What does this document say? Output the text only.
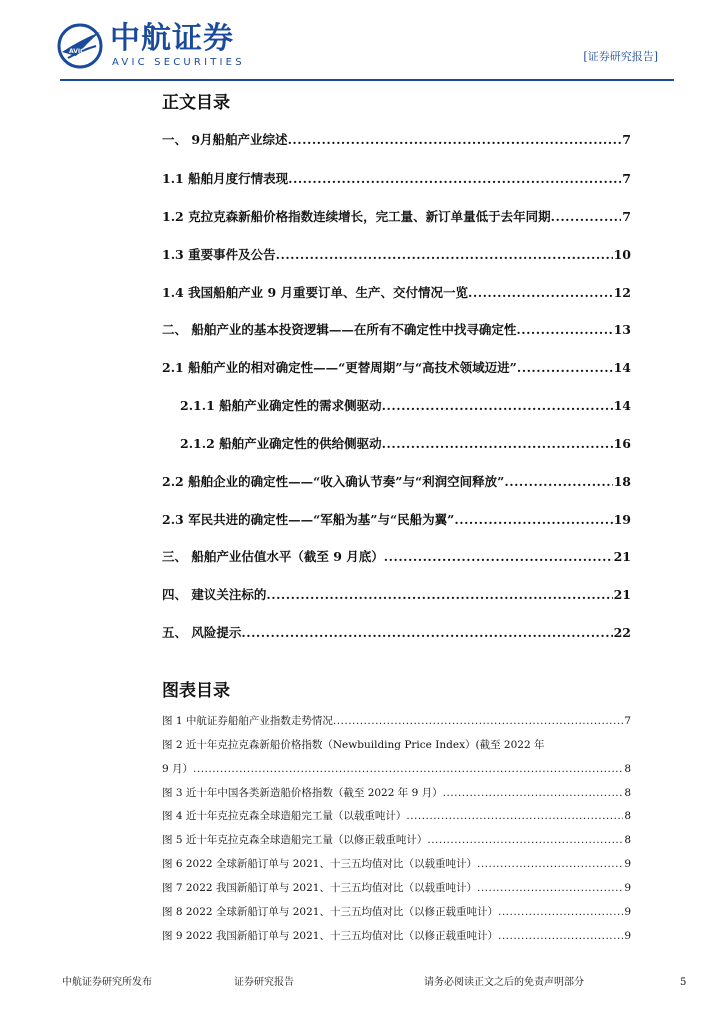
AVIC 中航证券
AVIC SECURITIES	[证券研究报告]
正文目录
一、 9月船舶产业综述 .....	7
1.1 船舶月度行情表现 .....	7
1.2 克拉克森新船价格指数连续增长，完工量、新订单量低于去年同期 .....	7
1.3 重要事件及公告 .....	10
1.4 我国船舶产业 9 月重要订单、生产、交付情况一览 .....	12
二、 船舶产业的基本投资逻辑——在所有不确定性中找寻确定性 .....	13
2.1 船舶产业的相对确定性——“更替周期”与“高技术领域迈进” .....	14
2.1.1 船舶产业确定性的需求侧驱动 .....	14
2.1.2 船舶产业确定性的供给侧驱动 .....	16
2.2 船舶企业的确定性——“收入确认节奏”与“利润空间释放” .....	18
2.3 军民共进的确定性——“军船为基”与“民船为翼” .....	19
三、 船舶产业估值水平（截至 9 月底） .....	21
四、 建议关注标的 .....	21
五、 风险提示 .....	22
图表目录
图 1 中航证券船舶产业指数走势情况 .....	7
图 2 近十年克拉克森新船价格指数（Newbuilding Price Index）(截至 2022 年
9 月） .....	8
图 3 近十年中国各类新造船价格指数（截至 2022 年 9 月） .....	8
图 4 近十年克拉克森全球造船完工量（以载重吨计） .....	8
图 5 近十年克拉克森全球造船完工量（以修正载重吨计） .....	8
图 6 2022 全球新船订单与 2021、十三五均值对比（以载重吨计） .....	9
图 7 2022 我国新船订单与 2021、十三五均值对比（以载重吨计） .....	9
图 8 2022 全球新船订单与 2021、十三五均值对比（以修正载重吨计） .....	9
图 9 2022 我国新船订单与 2021、十三五均值对比（以修正载重吨计） .....	9
中航证券研究所发布	证券研究报告	请务必阅读正文之后的免责声明部分	5
